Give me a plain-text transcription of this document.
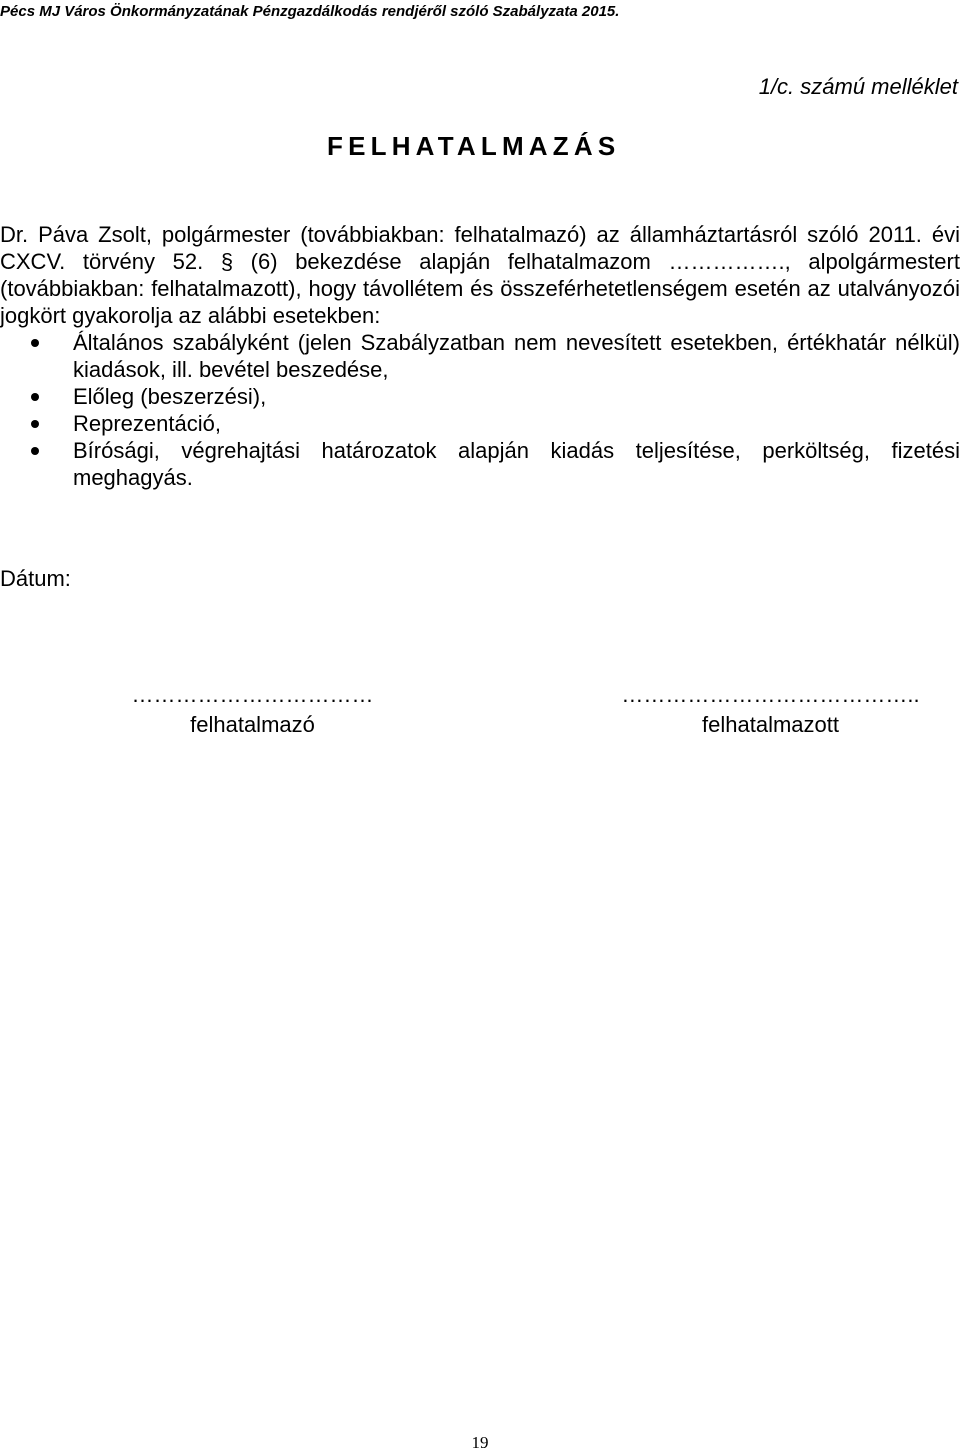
Pécs MJ Város Önkormányzatának Pénzgazdálkodás rendjéről szóló Szabályzata 2015.
1/c. számú melléklet
FELHATALMAZÁS

Dr. Páva Zsolt, polgármester (továbbiakban: felhatalmazó) az államháztartásról szóló 2011. évi CXCV. törvény 52. § (6) bekezdése alapján felhatalmazom ……………., alpolgármestert (továbbiakban: felhatalmazott), hogy távollétem és összeférhetetlenségem esetén az utalványozói jogkört gyakorolja az alábbi esetekben:

Általános szabályként (jelen Szabályzatban nem nevesített esetekben, értékhatár nélkül) kiadások, ill. bevétel beszedése,
Előleg (beszerzési),
Reprezentáció,
Bírósági, végrehajtási határozatok alapján kiadás teljesítése, perköltség, fizetési meghagyás.
Dátum:
……………………………
felhatalmazó
…………………………………..
felhatalmazott
19
